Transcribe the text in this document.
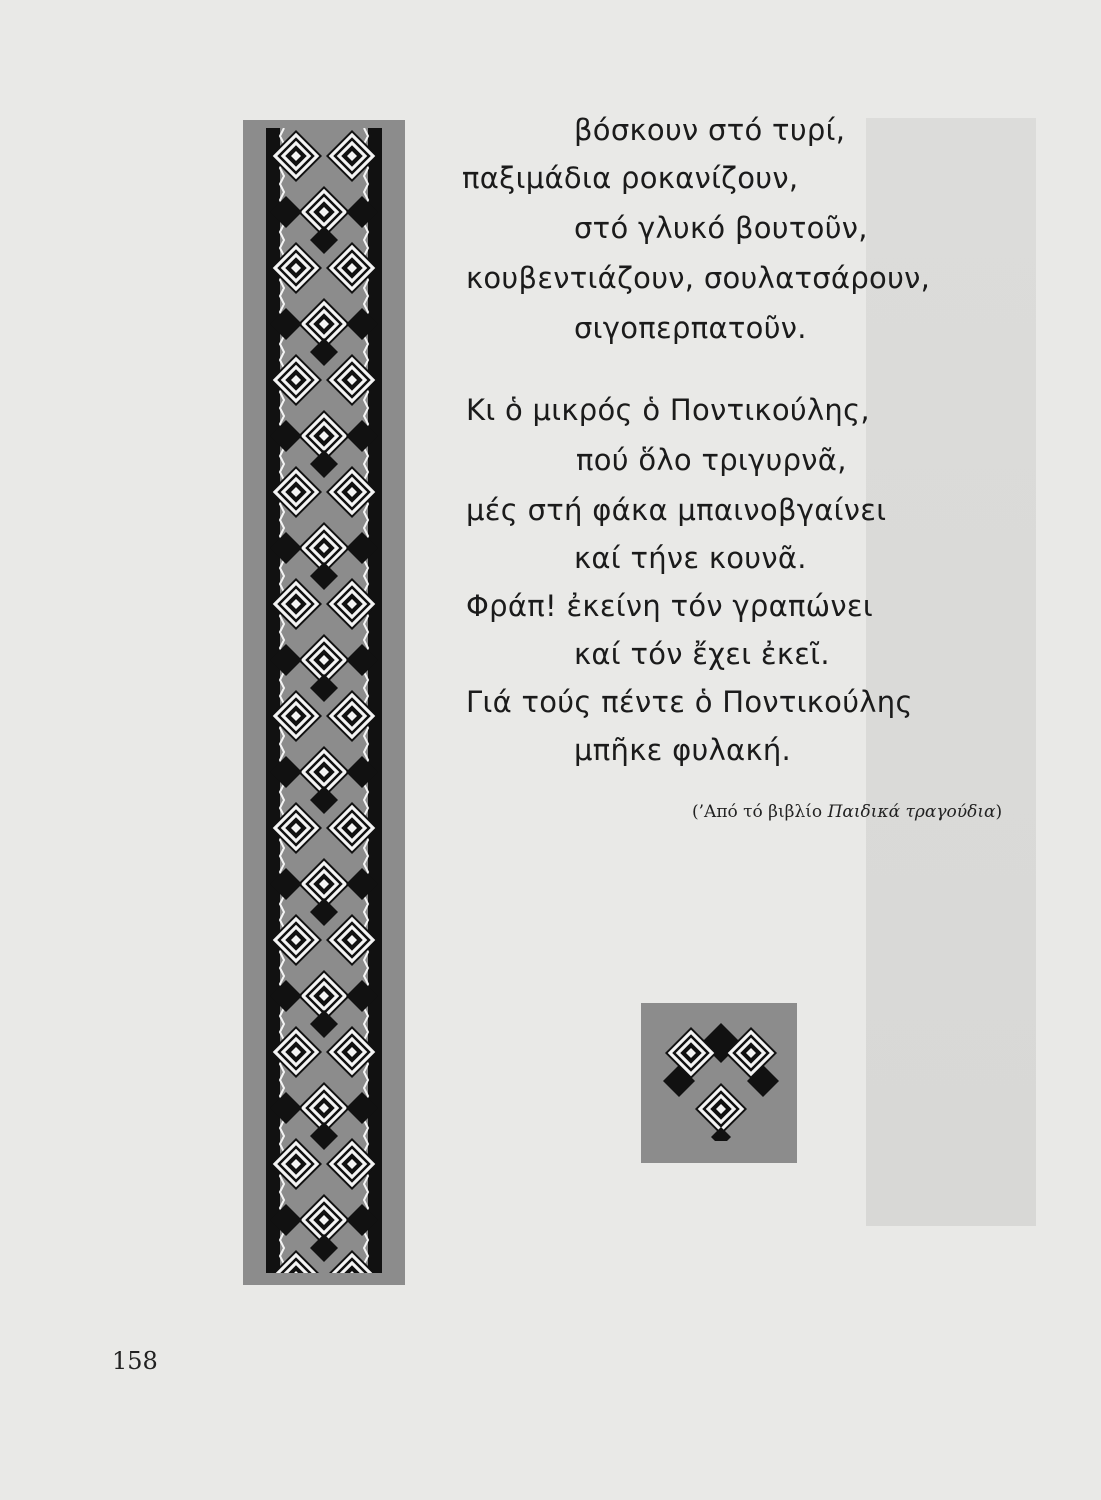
βόσκουν στό τυρί,
παξιμάδια ροκανίζουν,
στό γλυκό βουτοῦν,
κουβεντιάζουν, σουλατσάρουν,
σιγοπερπατοῦν.
Κι ὁ μικρός ὁ Ποντικούλης,
πού ὅλο τριγυρνᾶ,
μές στή φάκα μπαινοβγαίνει
καί τήνε κουνᾶ.
Φράπ! ἐκείνη τόν γραπώνει
καί τόν ἔχει ἐκεῖ.
Γιά τούς πέντε ὁ Ποντικούλης
μπῆκε φυλακή.
(’Από τό βιβλίο Παιδικά τραγούδια)
158
